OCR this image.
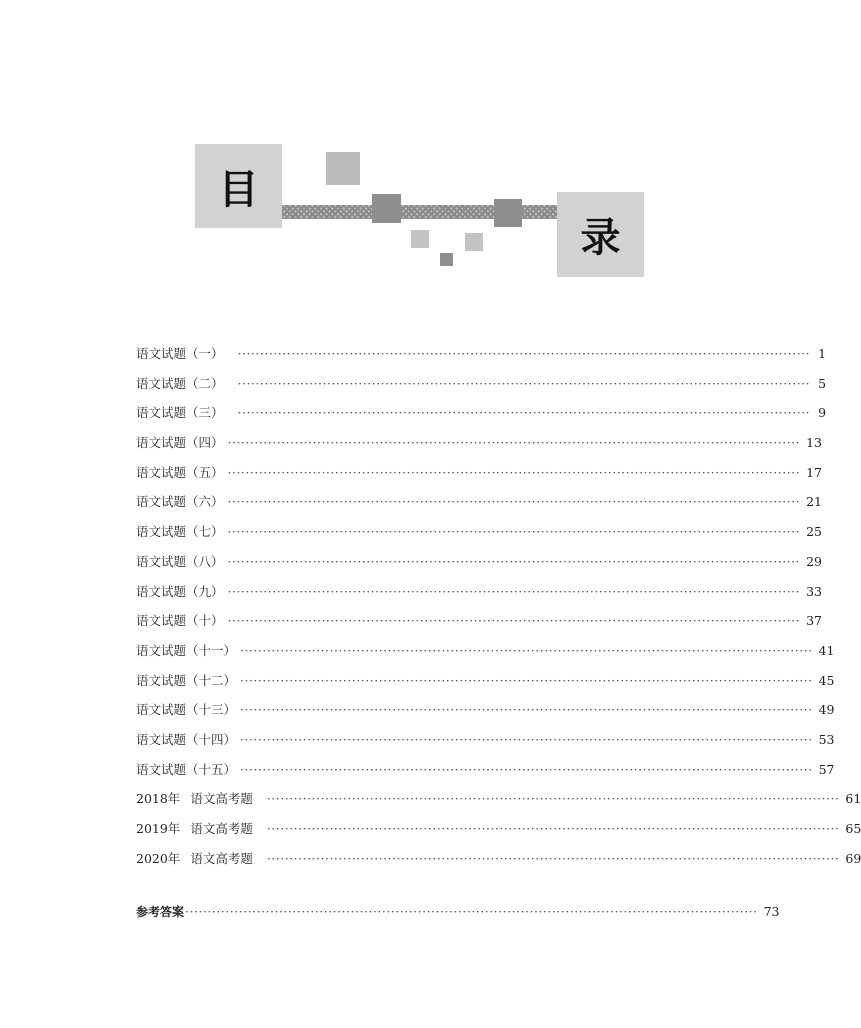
目
录
语文试题（一） ································································································································ 1
语文试题（二） ································································································································ 5
语文试题（三） ································································································································ 9
语文试题（四） ································································································································ 13
语文试题（五） ································································································································ 17
语文试题（六） ································································································································ 21
语文试题（七） ································································································································ 25
语文试题（八） ································································································································ 29
语文试题（九） ································································································································ 33
语文试题（十） ································································································································ 37
语文试题（十一） ································································································································ 41
语文试题（十二） ································································································································ 45
语文试题（十三） ································································································································ 49
语文试题（十四） ································································································································ 53
语文试题（十五） ································································································································ 57
2018年 语文高考题 ································································································································ 61
2019年 语文高考题 ································································································································ 65
2020年 语文高考题 ································································································································ 69
参考答案 ································································································································ 73
